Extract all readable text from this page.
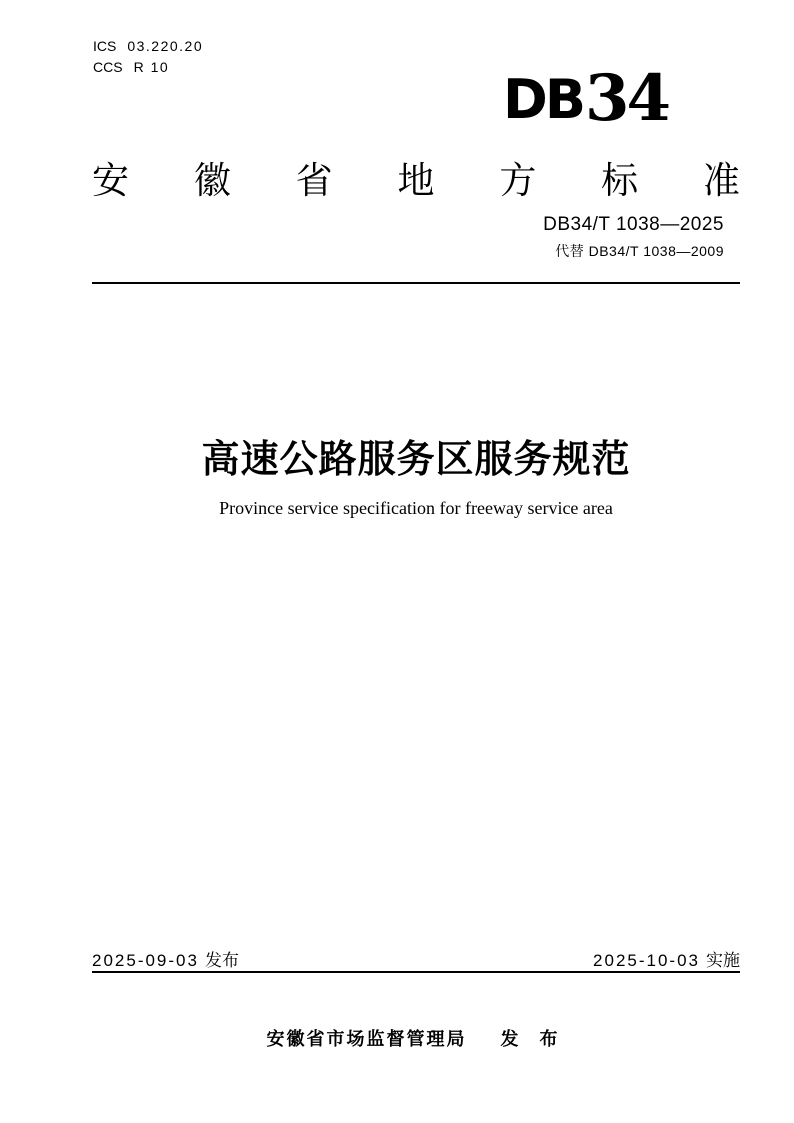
ICS 03.220.20
CCS R 10
DB 34
安 徽 省 地 方 标 准
DB34/T 1038—2025
代替 DB34/T 1038—2009
高速公路服务区服务规范
Province service specification for freeway service area
2025-09-03 发布	2025-10-03 实施
安徽省市场监督管理局 发 布
